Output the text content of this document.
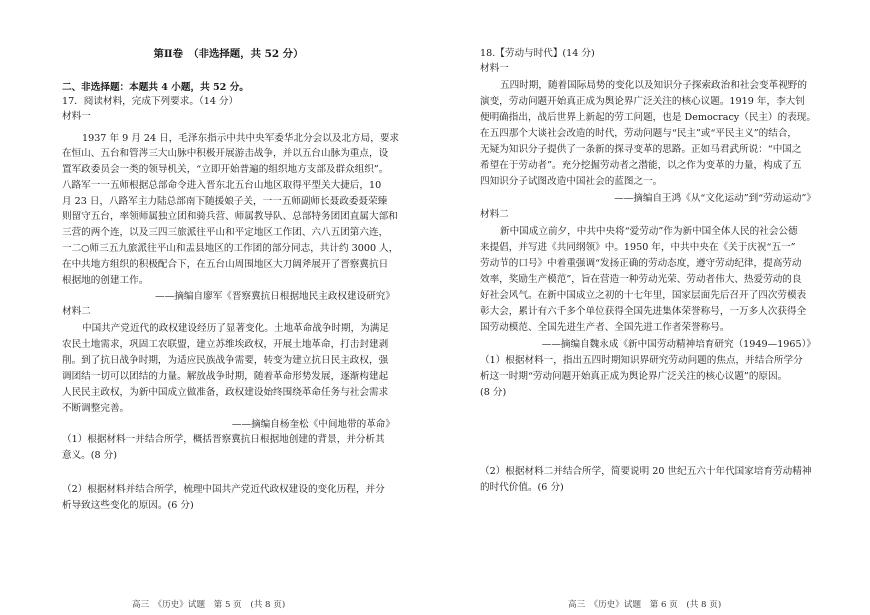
第Ⅱ卷　（非选择题，共 52 分）
二、非选择题：本题共 4 小题，共 52 分。
17．阅读材料，完成下列要求。（14 分）
材料一
1937 年 9 月 24 日，毛泽东指示中共中央军委华北分会以及北方局，要求
在恒山、五台和管涔三大山脉中积极开展游击战争，并以五台山脉为重点，设
置军政委员会一类的领导机关，“立即开始普遍的组织地方支部及群众组织”。
八路军一一五师根据总部命令进入晋东北五台山地区取得平型关大捷后，10
月 23 日，八路军主力陆总部南下随援娘子关，一一五师副师长聂政委聂荣臻
则留守五台，率领师属独立团和骑兵营、师属教导队、总部特务团团直属大部和
三营的两个连，以及三四三旅派往平山和平定地区工作团、六八五团第六连，
一二○师三五九旅派往平山和盂县地区的工作团的部分同志，共计约 3000 人，
在中共地方组织的积极配合下，在五台山周围地区大刀阔斧展开了晋察冀抗日
根据地的创建工作。
——摘编自廖军《晋察冀抗日根据地民主政权建设研究》
材料二
中国共产党近代的政权建设经历了显著变化。土地革命战争时期，为满足
农民土地需求，巩固工农联盟，建立苏维埃政权，开展土地革命，打击封建剥
削。到了抗日战争时期，为适应民族战争需要，转变为建立抗日民主政权，强
调团结一切可以团结的力量。解放战争时期，随着革命形势发展，逐渐构建起
人民民主政权，为新中国成立做准备，政权建设始终围绕革命任务与社会需求
不断调整完善。
——摘编自杨奎松《中间地带的革命》
（1）根据材料一并结合所学，概括晋察冀抗日根据地创建的背景，并分析其
意义。(8 分)
（2）根据材料并结合所学，梳理中国共产党近代政权建设的变化历程，并分
析导致这些变化的原因。(6 分)
高三　《历史》试题　第 5 页　(共 8 页)
18.【劳动与时代】(14 分)
材料一
五四时期，随着国际局势的变化以及知识分子探索政治和社会变革视野的
演变，劳动问题开始真正成为舆论界广泛关注的核心议题。1919 年，李大钊
便明确指出，战后世界上新起的劳工问题，也是 Democracy（民主）的表现。
在五四那个大谈社会改造的时代，劳动问题与“民主”或“平民主义”的结合，
无疑为知识分子提供了一条新的探寻变革的思路。正如马君武所说：“中国之
希望在于劳动者”。充分挖掘劳动者之潜能，以之作为变革的力量，构成了五
四知识分子试图改造中国社会的蓝图之一。
——摘编自王鸿《从“文化运动”到“劳动运动”》
材料二
新中国成立前夕，中共中央将“爱劳动”作为新中国全体人民的社会公德
来提倡，并写进《共同纲领》中。1950 年，中共中央在《关于庆祝“五一”
劳动节的口号》中着重强调“发扬正确的劳动态度，遵守劳动纪律，提高劳动
效率，奖励生产模范”，旨在营造一种劳动光荣、劳动者伟大、热爱劳动的良
好社会风气。在新中国成立之初的十七年里，国家层面先后召开了四次劳模表
彰大会，累计有六千多个单位获得全国先进集体荣誉称号，一万多人次获得全
国劳动模范、全国先进生产者、全国先进工作者荣誉称号。
——摘编自魏永成《新中国劳动精神培育研究（1949—1965）》
（1）根据材料一，指出五四时期知识界研究劳动问题的焦点，并结合所学分
析这一时期“劳动问题开始真正成为舆论界广泛关注的核心议题”的原因。
(8 分)
（2）根据材料二并结合所学，简要说明 20 世纪五六十年代国家培育劳动精神
的时代价值。(6 分)
高三　《历史》试题　第 6 页　(共 8 页)
